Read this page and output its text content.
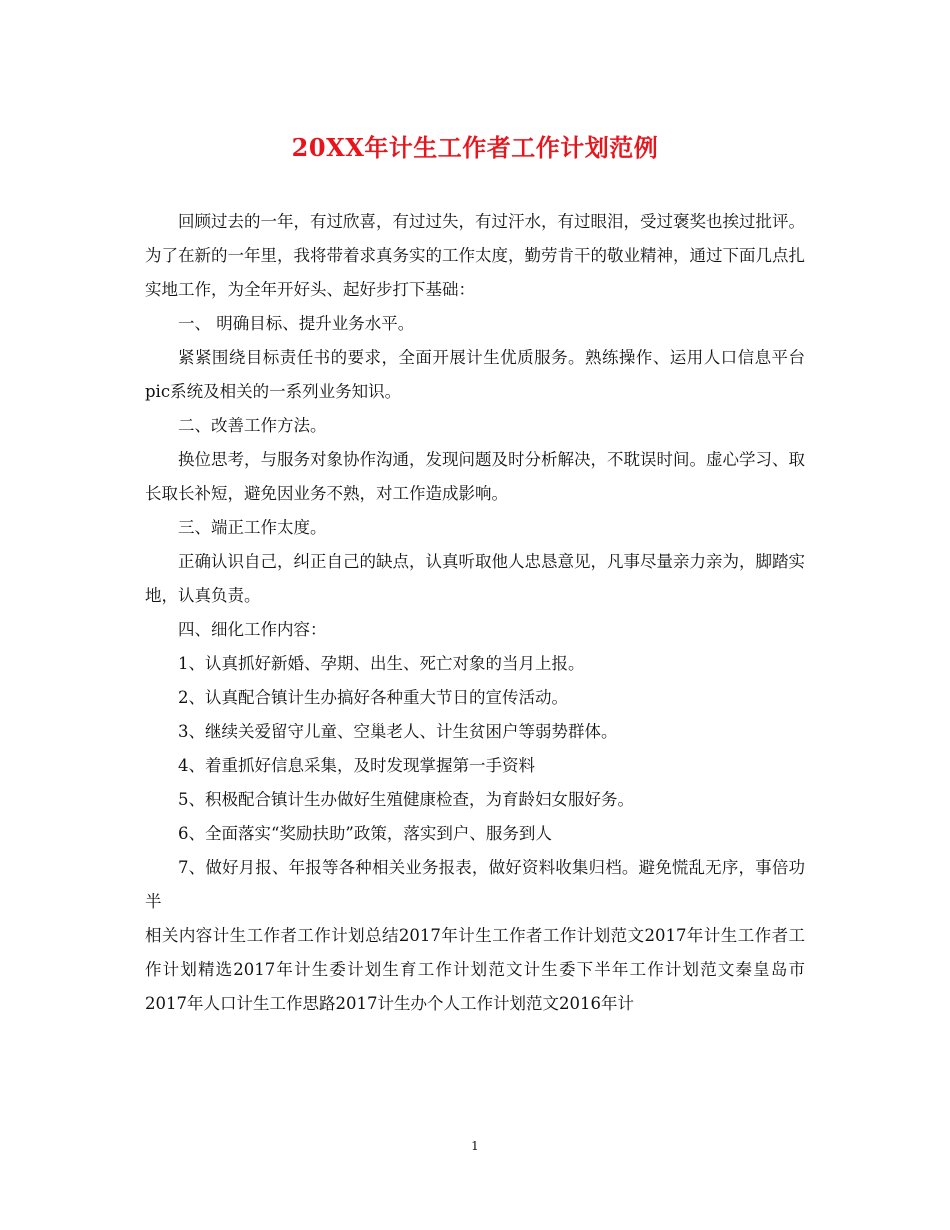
20XX年计生工作者工作计划范例

回顾过去的一年，有过欣喜，有过过失，有过汗水，有过眼泪，受过褒奖也挨过批评。为了在新的一年里，我将带着求真务实的工作太度，勤劳肯干的敬业精神，通过下面几点扎实地工作，为全年开好头、起好步打下基础：

一、 明确目标、提升业务水平。

紧紧围绕目标责任书的要求，全面开展计生优质服务。熟练操作、运用人口信息平台pic系统及相关的一系列业务知识。

二、改善工作方法。

换位思考，与服务对象协作沟通，发现问题及时分析解决，不耽误时间。虚心学习、取长取长补短，避免因业务不熟，对工作造成影响。

三、端正工作太度。

正确认识自己，纠正自己的缺点，认真听取他人忠恳意见，凡事尽量亲力亲为，脚踏实地，认真负责。

四、细化工作内容：

1、认真抓好新婚、孕期、出生、死亡对象的当月上报。

2、认真配合镇计生办搞好各种重大节日的宣传活动。

3、继续关爱留守儿童、空巢老人、计生贫困户等弱势群体。

4、着重抓好信息采集，及时发现掌握第一手资料

5、积极配合镇计生办做好生殖健康检查，为育龄妇女服好务。

6、全面落实“奖励扶助”政策，落实到户、服务到人

7、做好月报、年报等各种相关业务报表，做好资料收集归档。避免慌乱无序，事倍功半

相关内容计生工作者工作计划总结2017年计生工作者工作计划范文2017年计生工作者工作计划精选2017年计生委计划生育工作计划范文计生委下半年工作计划范文秦皇岛市2017年人口计生工作思路2017计生办个人工作计划范文2016年计

1
